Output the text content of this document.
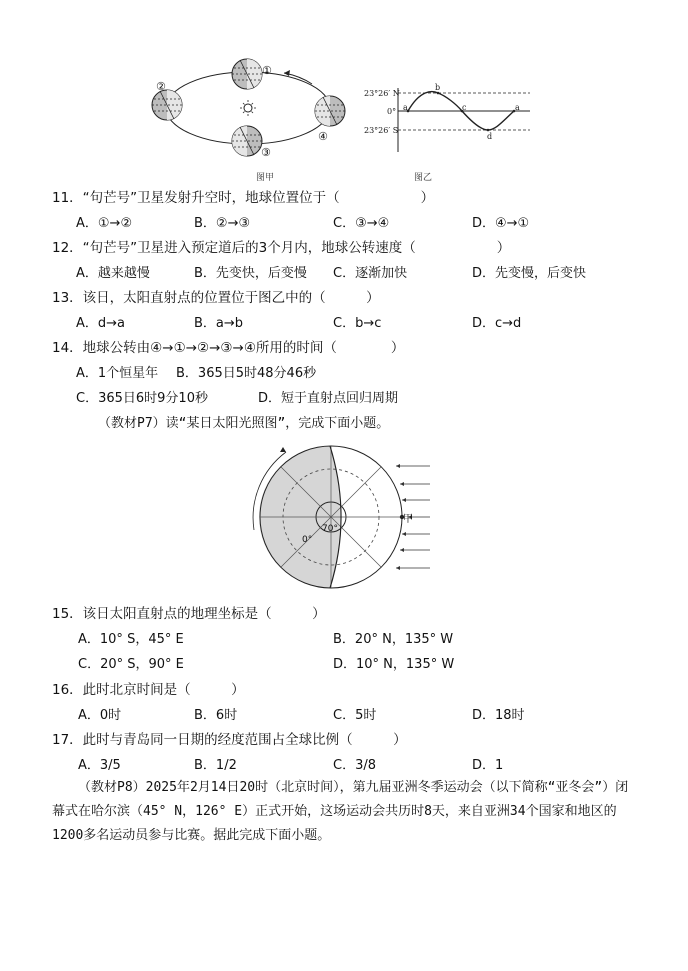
①
②
③
④
图甲
23°26′ N
0°
23°26′ S
a
b
c
d
a
图乙
11．“句芒号”卫星发射升空时，地球位置位于（　　　　　　）
A．①→②	B．②→③	C．③→④	D．④→①
12．“句芒号”卫星进入预定道后的3个月内，地球公转速度（　　　　　　）
A．越来越慢	B．先变快，后变慢 C．逐渐加快	D．先变慢，后变快
13．该日，太阳直射点的位置位于图乙中的（　　　）
A．d→a	B．a→b	C．b→c	D．c→d
14．地球公转由④→①→②→③→④所用的时间（　　　　）
A．1个恒星年 B．365日5时48分46秒
C．365日6时9分10秒	D．短于直射点回归周期
（教材P7）读“某日太阳光照图”，完成下面小题。
甲
70°
0°
15．该日太阳直射点的地理坐标是（　　　）
A．10° S，45° E	B．20° N，135° W
C．20° S，90° E	D．10° N，135° W
16．此时北京时间是（　　　）
A．0时	B．6时	C．5时	D．18时
17．此时与青岛同一日期的经度范围占全球比例（　　　）
A．3/5	B．1/2	C．3/8	D．1
（教材P8）2025年2月14日20时（北京时间），第九届亚洲冬季运动会（以下简称“亚冬会”）闭幕式在哈尔滨（45° N，126° E）正式开始，这场运动会共历时8天，来自亚洲34个国家和地区的1200多名运动员参与比赛。据此完成下面小题。
